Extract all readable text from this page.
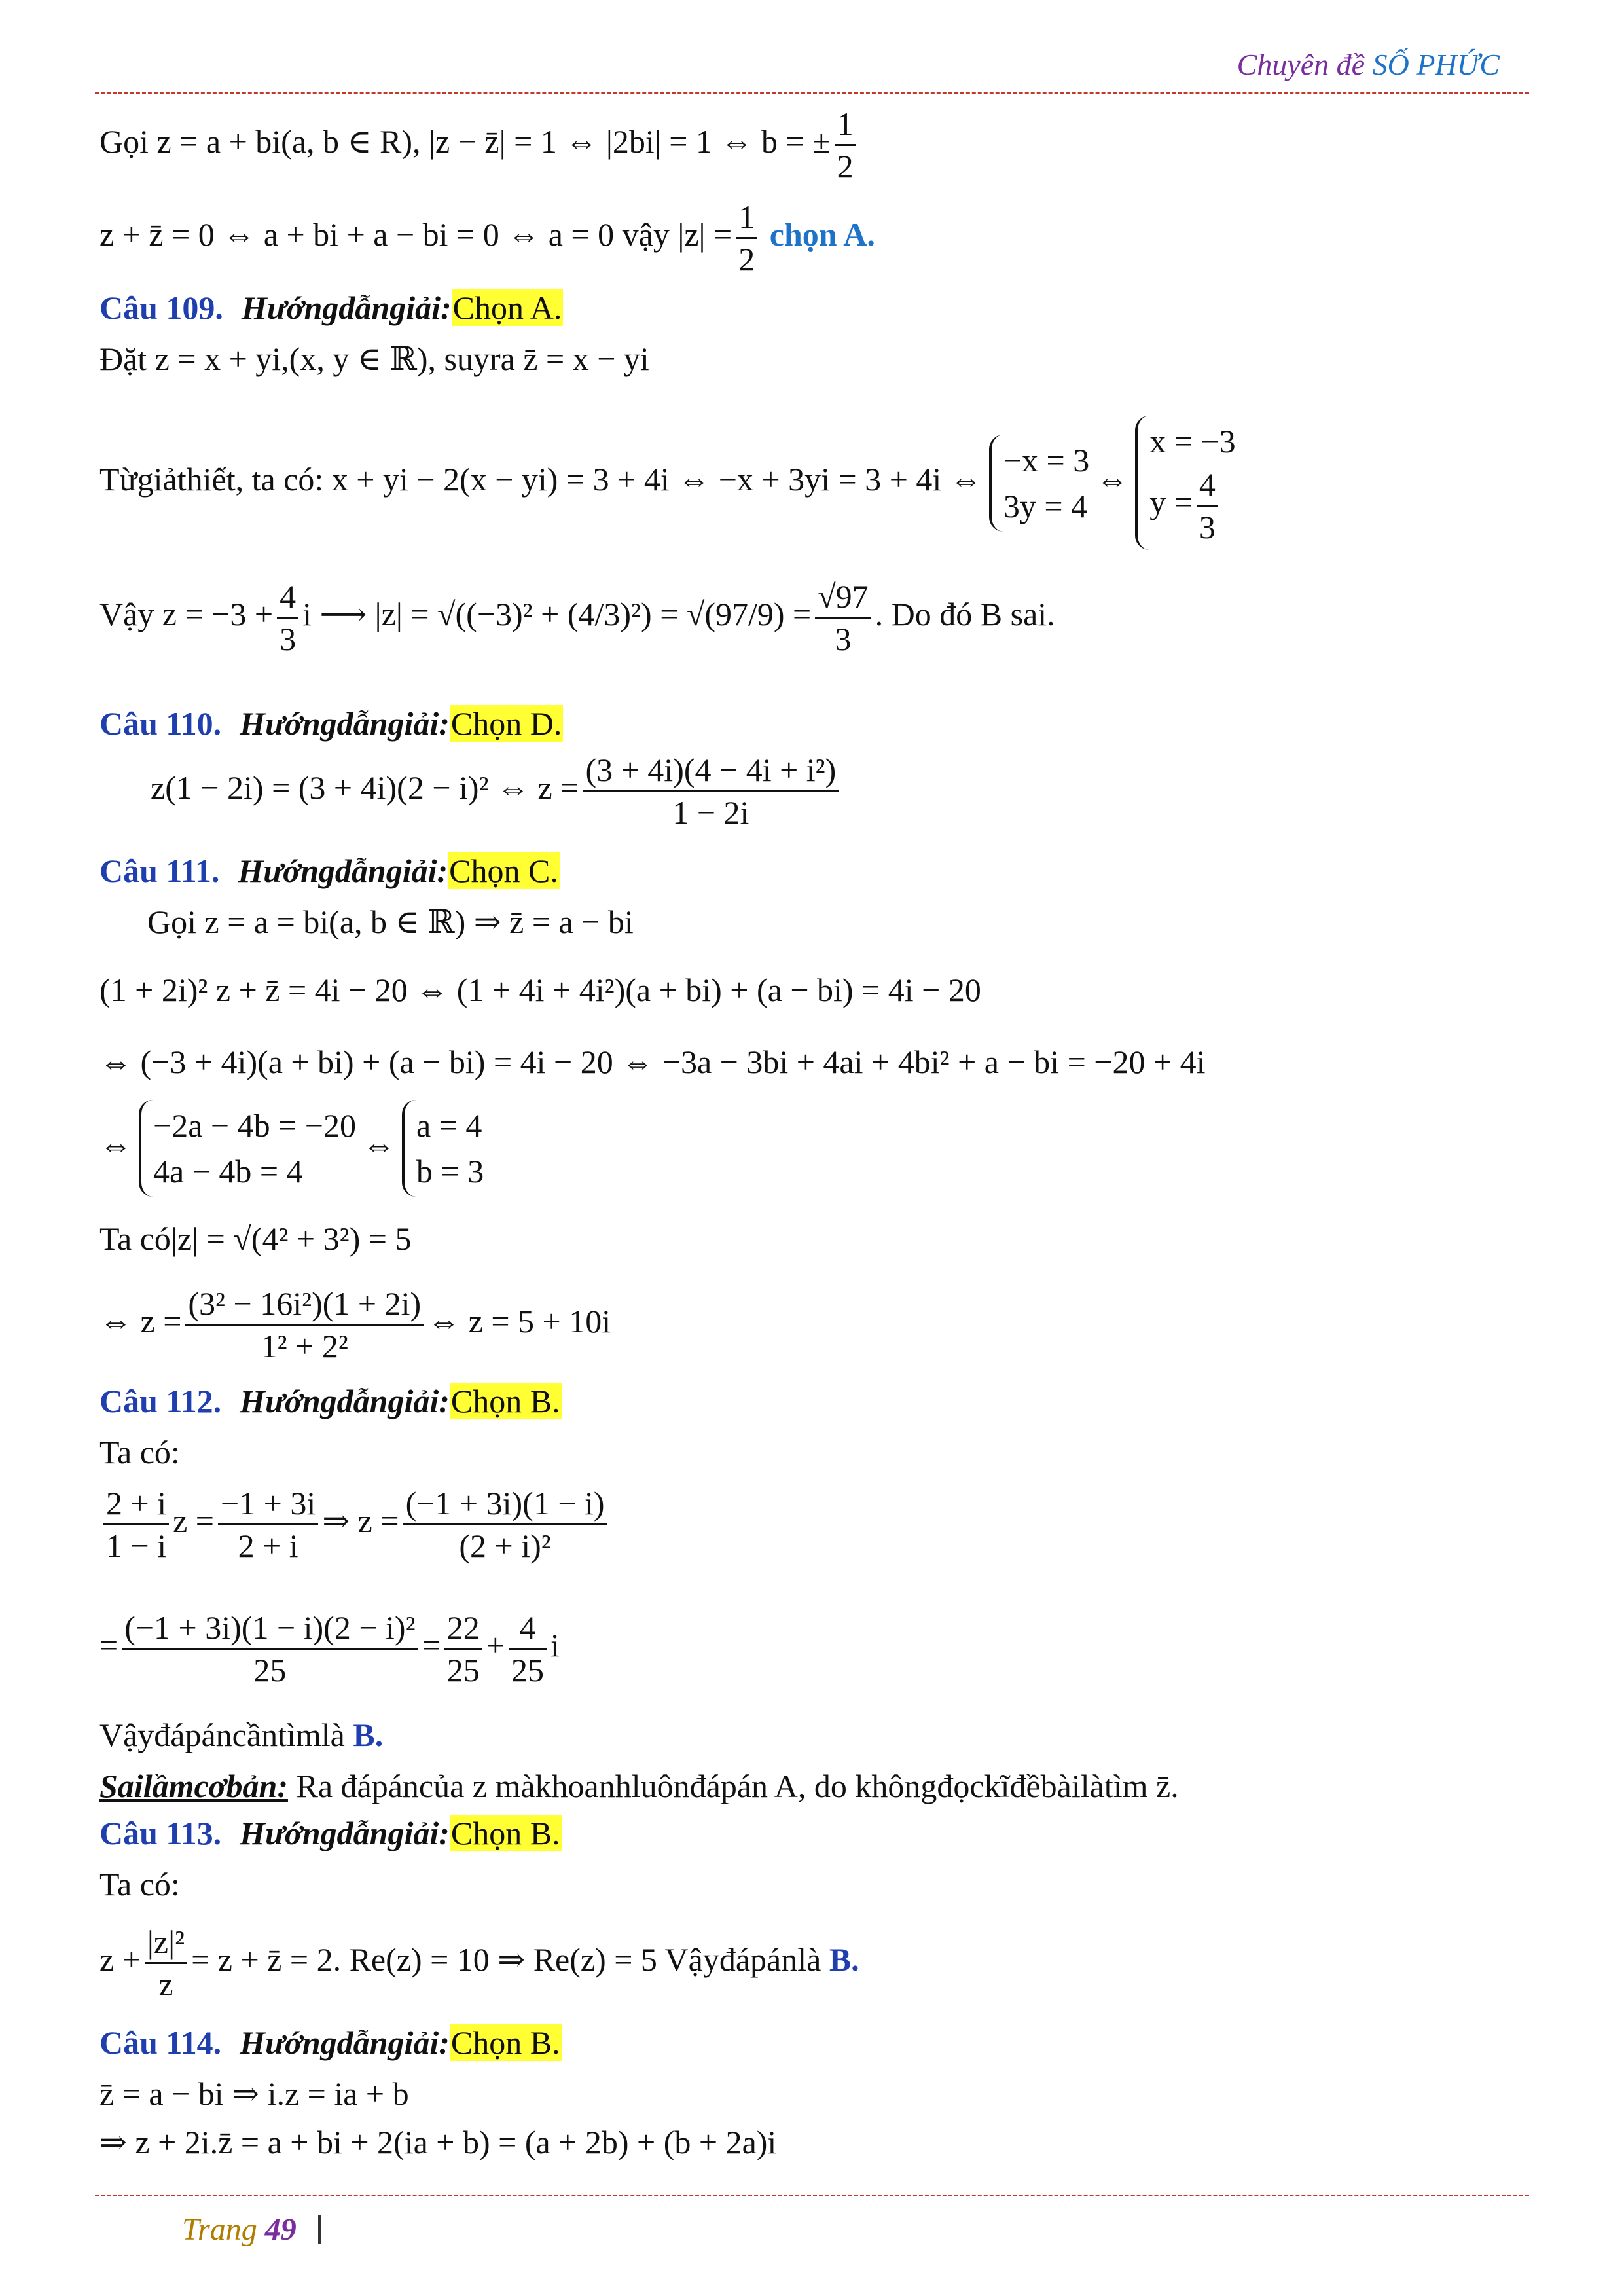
Chuyên đề SỐ PHỨC
Gọi z = a + bi(a, b ∈ R), |z − z̄| = 1 ⇔ |2bi| = 1 ⇔ b = ± $\frac{1}{2}$
z + z̄ = 0 ⇔ a + bi + a − bi = 0 ⇔ a = 0 vậy $|z| = \frac{1}{2}$ chọn A.
Câu 109. Hướngdẫngiải:Chọn A.
Đặt z = x + yi,(x, y ∈ ℝ), suyra z̄ = x − yi
Từgiảthiết, ta có: x + yi − 2(x − yi) = 3 + 4i ⇔ −x + 3yi = 3 + 4i ⇔
−x = 3
3y = 4
⇔
x = −3
$y = \frac{4}{3}$
Vậy $z = -3 + \frac{4}{3}$ i ⟶ $|z| = √((-3)^2 + (4/3)^2) = √(97/9) = \frac{√97}{3}$ . Do đó B sai.
Câu 110. Hướngdẫngiải:Chọn D.
z(1 − 2i) = (3 + 4i)(2 − i)² ⇔ $z = \frac{\text{(3 + 4i)(4 − 4i + i²)}}{1 - 2i}$
Câu 111. Hướngdẫngiải:Chọn C.
Gọi z = a = bi(a, b ∈ ℝ) ⇒ z̄ = a − bi
(1 + 2i)² z + z̄ = 4i − 20 ⇔ (1 + 4i + 4i²)(a + bi) + (a − bi) = 4i − 20
⇔ (−3 + 4i)(a + bi) + (a − bi) = 4i − 20 ⇔ −3a − 3bi + 4ai + 4bi² + a − bi = −20 + 4i
⇔
−2a − 4b = −20
4a − 4b = 4
⇔
a = 4
b = 3
Ta có|z| = √(4² + 3²) = 5
⇔ $z = \frac{\text{(3² − 16i²)(1 + 2i)}}{\text{1² + 2²}}$ ⇔ z = 5 + 10i
Câu 112. Hướngdẫngiải:Chọn B.
Ta có:
$\frac{2 + i}{1 - i}$ $z = \frac{-1 + 3i}{2 + i}$ ⇒ $z = \frac{(-1 + 3i)(1 - i)}{\text{(2 + i)²}}$
= $\frac{\text{(−1 + 3i)(1 − i)(2 − i)²}}{25} = \frac{22}{25} + \frac{4}{25}$ i
Vậyđápáncầntìmlà B.
Sailầmcơbản: Ra đápáncủa z màkhoanhluônđápán A, do khôngđọckĩđềbàilàtìm z̄.
Câu 113. Hướngdẫngiải:Chọn B.
Ta có:
$z + \frac{\text{|z|²}}{z} = z$ + z̄ = 2. Re(z) = 10 ⇒ Re(z) = 5 Vậyđápánlà B.
Câu 114. Hướngdẫngiải:Chọn B.
z̄ = a − bi ⇒ i.z = ia + b
⇒ z + 2i.z̄ = a + bi + 2(ia + b) = (a + 2b) + (b + 2a)i
Trang 49
